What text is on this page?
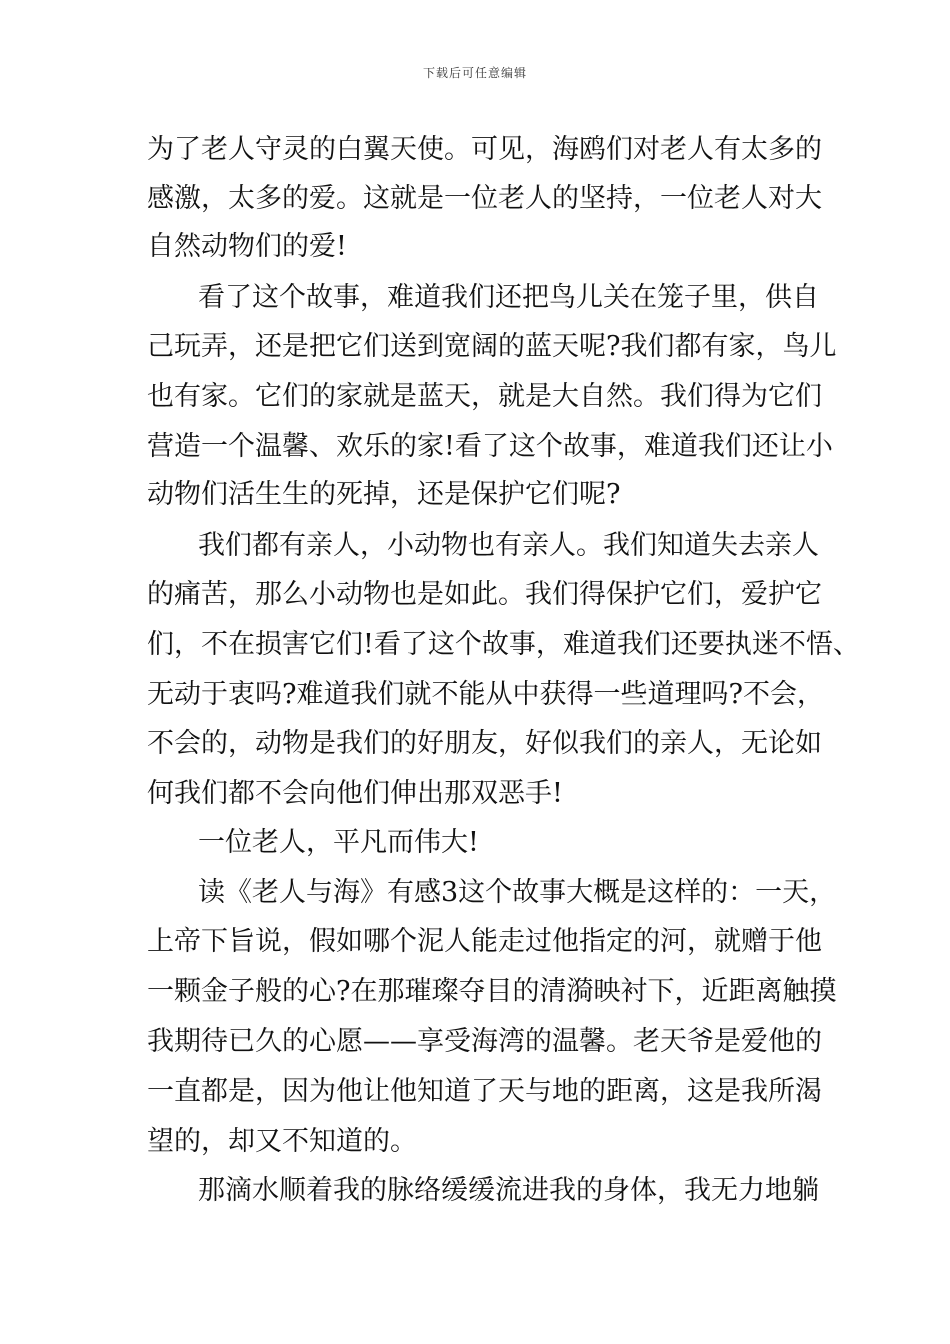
下载后可任意编辑
为了老人守灵的白翼天使。可见，海鸥们对老人有太多的
感激，太多的爱。这就是一位老人的坚持，一位老人对大
自然动物们的爱!
看了这个故事，难道我们还把鸟儿关在笼子里，供自
己玩弄，还是把它们送到宽阔的蓝天呢?我们都有家，鸟儿
也有家。它们的家就是蓝天，就是大自然。我们得为它们
营造一个温馨、欢乐的家!看了这个故事，难道我们还让小
动物们活生生的死掉，还是保护它们呢?
我们都有亲人，小动物也有亲人。我们知道失去亲人
的痛苦，那么小动物也是如此。我们得保护它们，爱护它
们，不在损害它们!看了这个故事，难道我们还要执迷不悟、
无动于衷吗?难道我们就不能从中获得一些道理吗?不会，
不会的，动物是我们的好朋友，好似我们的亲人，无论如
何我们都不会向他们伸出那双恶手!
一位老人，平凡而伟大!
读《老人与海》有感3这个故事大概是这样的：一天，
上帝下旨说，假如哪个泥人能走过他指定的河，就赠于他
一颗金子般的心?在那璀璨夺目的清漪映衬下，近距离触摸
我期待已久的心愿——享受海湾的温馨。老天爷是爱他的
一直都是，因为他让他知道了天与地的距离，这是我所渴
望的，却又不知道的。
那滴水顺着我的脉络缓缓流进我的身体，我无力地躺
